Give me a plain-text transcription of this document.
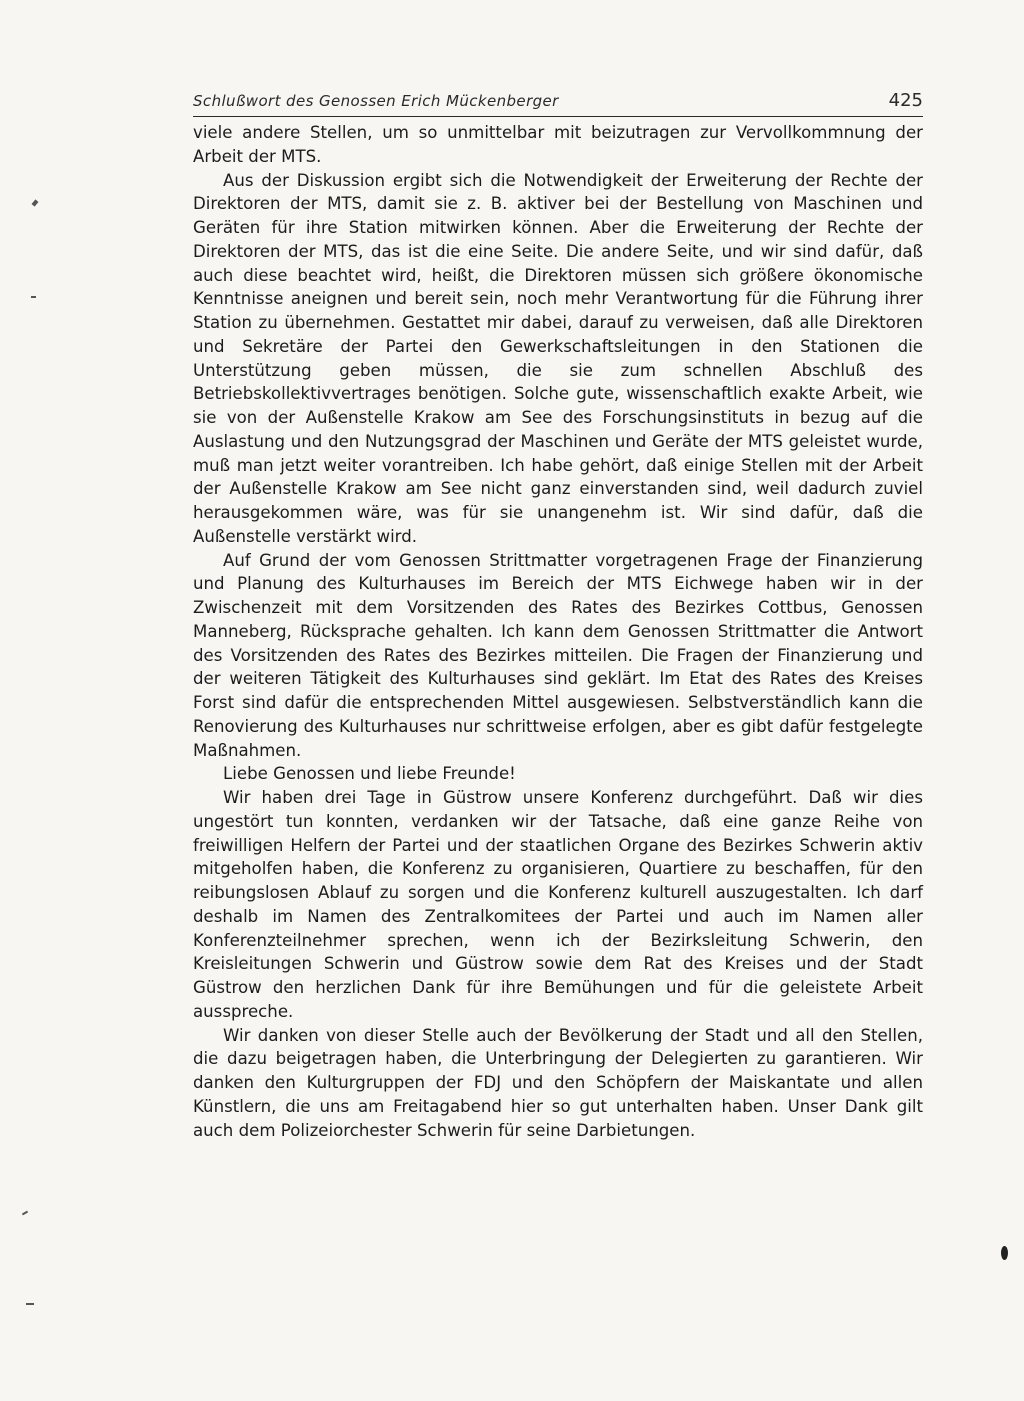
Schlußwort des Genossen Erich Mückenberger	425

viele andere Stellen, um so unmittelbar mit beizutragen zur Vervollkommnung der Arbeit der MTS.

Aus der Diskussion ergibt sich die Notwendigkeit der Erweiterung der Rechte der Direktoren der MTS, damit sie z. B. aktiver bei der Bestellung von Maschinen und Geräten für ihre Station mitwirken können. Aber die Erweiterung der Rechte der Direktoren der MTS, das ist die eine Seite. Die andere Seite, und wir sind dafür, daß auch diese beachtet wird, heißt, die Direktoren müssen sich größere ökonomische Kenntnisse aneignen und bereit sein, noch mehr Verantwortung für die Führung ihrer Station zu übernehmen. Gestattet mir dabei, darauf zu verweisen, daß alle Direktoren und Sekretäre der Partei den Gewerkschaftsleitungen in den Stationen die Unterstützung geben müssen, die sie zum schnellen Abschluß des Betriebskollektivvertrages benötigen. Solche gute, wissenschaftlich exakte Arbeit, wie sie von der Außenstelle Krakow am See des Forschungsinstituts in bezug auf die Auslastung und den Nutzungsgrad der Maschinen und Geräte der MTS geleistet wurde, muß man jetzt weiter vorantreiben. Ich habe gehört, daß einige Stellen mit der Arbeit der Außenstelle Krakow am See nicht ganz einverstanden sind, weil dadurch zuviel herausgekommen wäre, was für sie unangenehm ist. Wir sind dafür, daß die Außenstelle verstärkt wird.

Auf Grund der vom Genossen Strittmatter vorgetragenen Frage der Finanzierung und Planung des Kulturhauses im Bereich der MTS Eichwege haben wir in der Zwischenzeit mit dem Vorsitzenden des Rates des Bezirkes Cottbus, Genossen Manneberg, Rücksprache gehalten. Ich kann dem Genossen Strittmatter die Antwort des Vorsitzenden des Rates des Bezirkes mitteilen. Die Fragen der Finanzierung und der weiteren Tätigkeit des Kulturhauses sind geklärt. Im Etat des Rates des Kreises Forst sind dafür die entsprechenden Mittel ausgewiesen. Selbstverständlich kann die Renovierung des Kulturhauses nur schrittweise erfolgen, aber es gibt dafür festgelegte Maßnahmen.

Liebe Genossen und liebe Freunde!

Wir haben drei Tage in Güstrow unsere Konferenz durchgeführt. Daß wir dies ungestört tun konnten, verdanken wir der Tatsache, daß eine ganze Reihe von freiwilligen Helfern der Partei und der staatlichen Organe des Bezirkes Schwerin aktiv mitgeholfen haben, die Konferenz zu organisieren, Quartiere zu beschaffen, für den reibungslosen Ablauf zu sorgen und die Konferenz kulturell auszugestalten. Ich darf deshalb im Namen des Zentralkomitees der Partei und auch im Namen aller Konferenzteilnehmer sprechen, wenn ich der Bezirksleitung Schwerin, den Kreisleitungen Schwerin und Güstrow sowie dem Rat des Kreises und der Stadt Güstrow den herzlichen Dank für ihre Bemühungen und für die geleistete Arbeit ausspreche.

Wir danken von dieser Stelle auch der Bevölkerung der Stadt und all den Stellen, die dazu beigetragen haben, die Unterbringung der Delegierten zu garantieren. Wir danken den Kulturgruppen der FDJ und den Schöpfern der Maiskantate und allen Künstlern, die uns am Freitagabend hier so gut unterhalten haben. Unser Dank gilt auch dem Polizeiorchester Schwerin für seine Darbietungen.
